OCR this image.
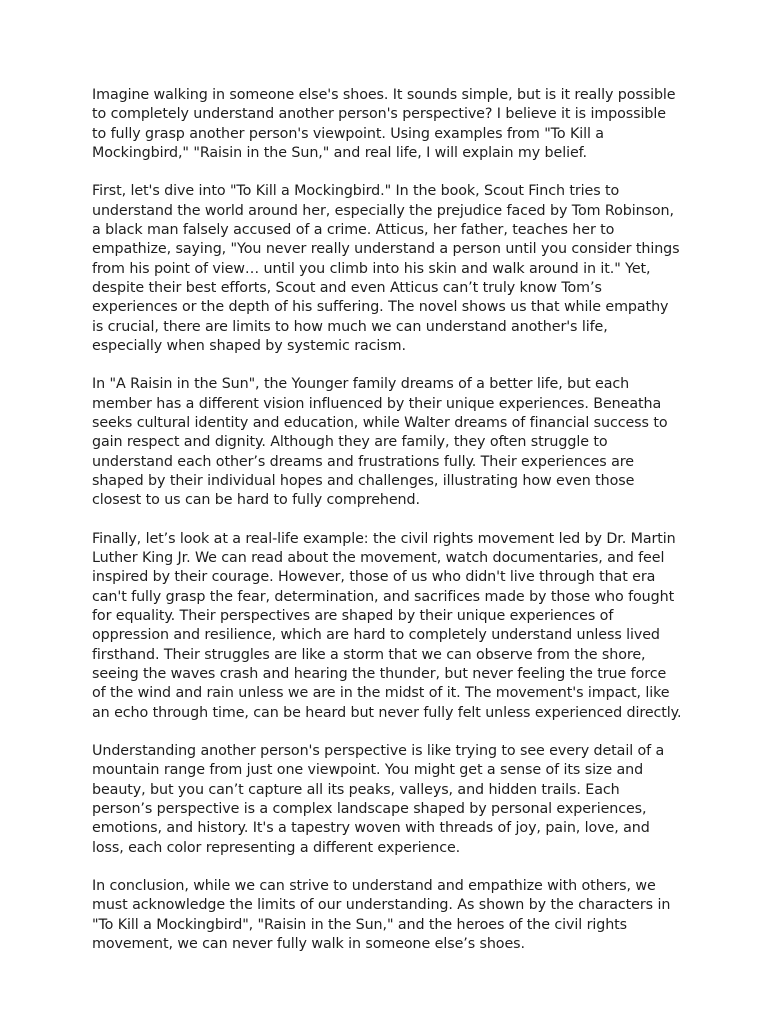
Imagine walking in someone else's shoes. It sounds simple, but is it really possible to completely understand another person's perspective? I believe it is impossible to fully grasp another person's viewpoint. Using examples from "To Kill a Mockingbird," "Raisin in the Sun," and real life, I will explain my belief.

First, let's dive into "To Kill a Mockingbird." In the book, Scout Finch tries to understand the world around her, especially the prejudice faced by Tom Robinson, a black man falsely accused of a crime. Atticus, her father, teaches her to empathize, saying, "You never really understand a person until you consider things from his point of view… until you climb into his skin and walk around in it." Yet, despite their best efforts, Scout and even Atticus can’t truly know Tom’s experiences or the depth of his suffering. The novel shows us that while empathy is crucial, there are limits to how much we can understand another's life, especially when shaped by systemic racism.

In "A Raisin in the Sun", the Younger family dreams of a better life, but each member has a different vision influenced by their unique experiences. Beneatha seeks cultural identity and education, while Walter dreams of financial success to gain respect and dignity. Although they are family, they often struggle to understand each other’s dreams and frustrations fully. Their experiences are shaped by their individual hopes and challenges, illustrating how even those closest to us can be hard to fully comprehend.

Finally, let’s look at a real-life example: the civil rights movement led by Dr. Martin Luther King Jr. We can read about the movement, watch documentaries, and feel inspired by their courage. However, those of us who didn't live through that era can't fully grasp the fear, determination, and sacrifices made by those who fought for equality. Their perspectives are shaped by their unique experiences of oppression and resilience, which are hard to completely understand unless lived firsthand. Their struggles are like a storm that we can observe from the shore, seeing the waves crash and hearing the thunder, but never feeling the true force of the wind and rain unless we are in the midst of it. The movement's impact, like an echo through time, can be heard but never fully felt unless experienced directly.

Understanding another person's perspective is like trying to see every detail of a mountain range from just one viewpoint. You might get a sense of its size and beauty, but you can’t capture all its peaks, valleys, and hidden trails. Each person’s perspective is a complex landscape shaped by personal experiences, emotions, and history. It's a tapestry woven with threads of joy, pain, love, and loss, each color representing a different experience.

In conclusion, while we can strive to understand and empathize with others, we must acknowledge the limits of our understanding. As shown by the characters in "To Kill a Mockingbird", "Raisin in the Sun," and the heroes of the civil rights movement, we can never fully walk in someone else’s shoes.
